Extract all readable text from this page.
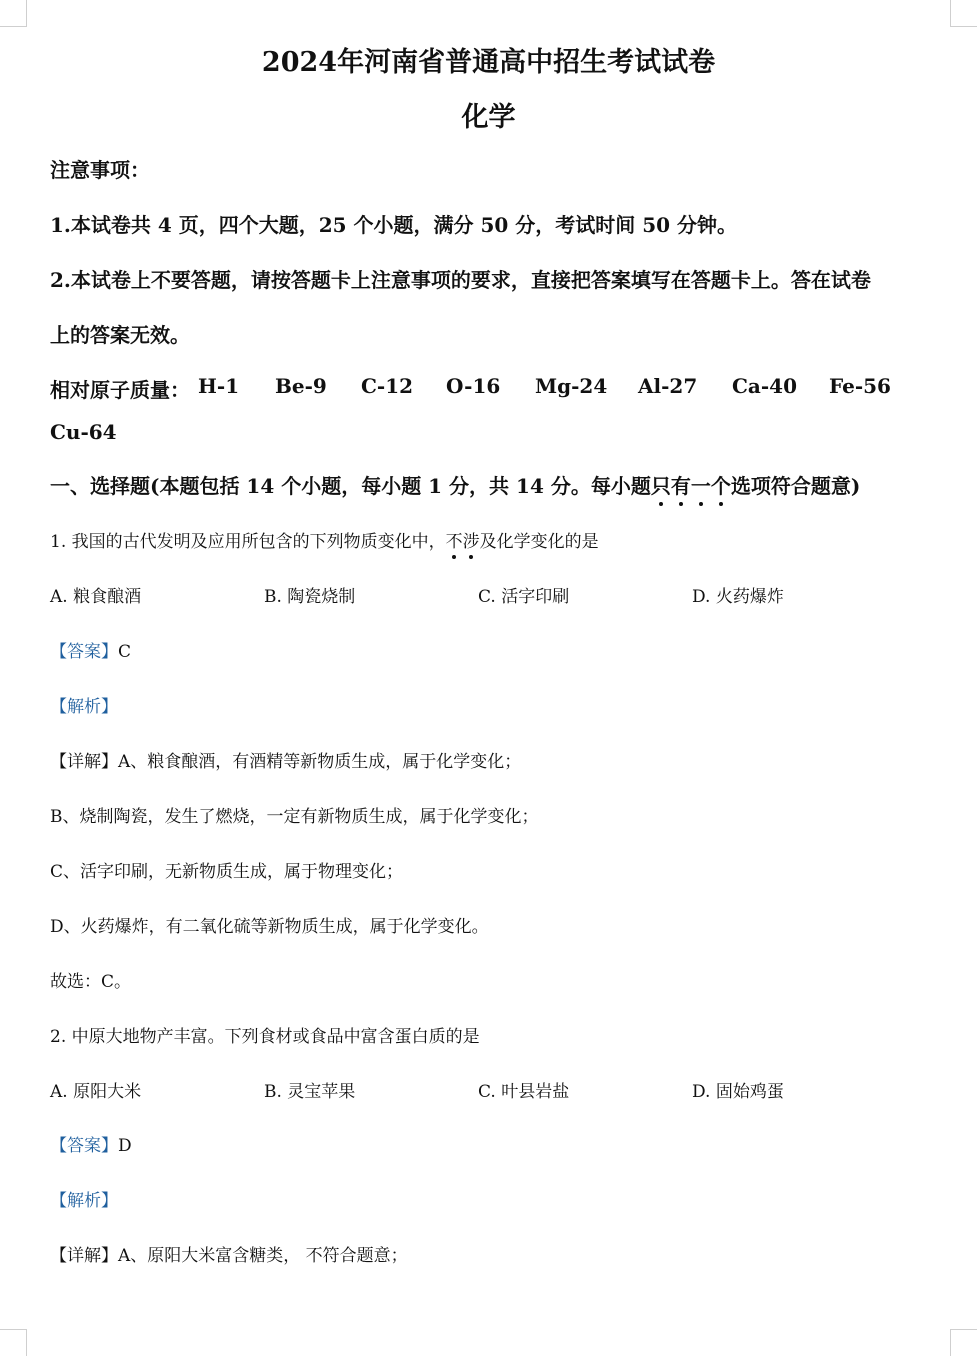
2024年河南省普通高中招生考试试卷
化学
注意事项：
1.本试卷共 4 页，四个大题，25 个小题，满分 50 分，考试时间 50 分钟。
2.本试卷上不要答题，请按答题卡上注意事项的要求，直接把答案填写在答题卡上。答在试卷
上的答案无效。
相对原子质量： H-1 Be-9 C-12 O-16 Mg-24 Al-27 Ca-40 Fe-56
Cu-64
一、选择题(本题包括 14 个小题，每小题 1 分，共 14 分。每小题只有一个选项符合题意)
1. 我国的古代发明及应用所包含的下列物质变化中，不涉及化学变化的是
A. 粮食酿酒	B. 陶瓷烧制	C. 活字印刷	D. 火药爆炸
【答案】C
【解析】
【详解】A、粮食酿酒，有酒精等新物质生成，属于化学变化；
B、烧制陶瓷，发生了燃烧，一定有新物质生成，属于化学变化；
C、活字印刷，无新物质生成，属于物理变化；
D、火药爆炸，有二氧化硫等新物质生成，属于化学变化。
故选：C。
2. 中原大地物产丰富。下列食材或食品中富含蛋白质的是
A. 原阳大米	B. 灵宝苹果	C. 叶县岩盐	D. 固始鸡蛋
【答案】D
【解析】
【详解】A、原阳大米富含糖类， 不符合题意；
